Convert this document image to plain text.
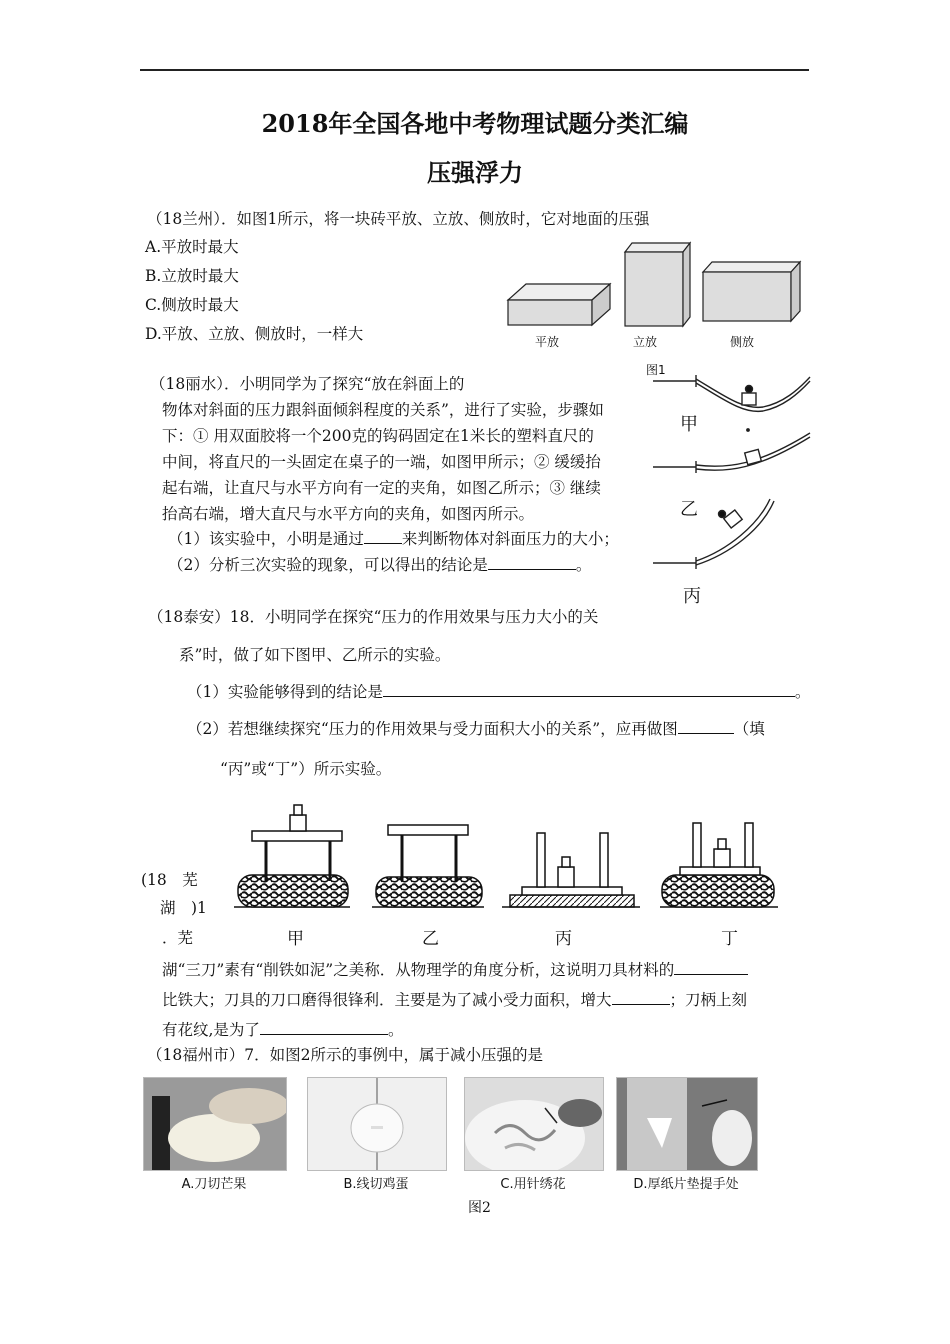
2018年全国各地中考物理试题分类汇编
压强浮力
（18兰州）．如图1所示，将一块砖平放、立放、侧放时，它对地面的压强
A.平放时最大
B.立放时最大
C.侧放时最大
D.平放、立放、侧放时，一样大	平放	立放	侧放
图1
（18丽水）．小明同学为了探究“放在斜面上的
物体对斜面的压力跟斜面倾斜程度的关系”，进行了实验，步骤如
下：① 用双面胶将一个200克的钩码固定在1米长的塑料直尺的
中间，将直尺的一头固定在桌子的一端，如图甲所示；② 缓缓抬
起右端，让直尺与水平方向有一定的夹角，如图乙所示；③ 继续
抬高右端，增大直尺与水平方向的夹角，如图丙所示。
（1）该实验中，小明是通过 来判断物体对斜面压力的大小；
（2）分析三次实验的现象，可以得出的结论是	。
甲
乙
丙
（18泰安）18．小明同学在探究“压力的作用效果与压力大小的关
系”时，做了如下图甲、乙所示的实验。
（1）实验能够得到的结论是	。
（2）若想继续探究“压力的作用效果与受力面积大小的关系”，应再做图	（填
“丙”或“丁”）所示实验。
甲	乙	丙	丁
(18　芜
湖　)1
．芜
湖“三刀”素有“削铁如泥”之美称．从物理学的角度分析，这说明刀具材料的
比铁大；刀具的刀口磨得很锋利．主要是为了减小受力面积，增大	；刀柄上刻
有花纹,是为了	。
（18福州市）7．如图2所示的事例中，属于减小压强的是
A.刀切芒果	B.线切鸡蛋	C.用针绣花	D.厚纸片垫提手处
图2
